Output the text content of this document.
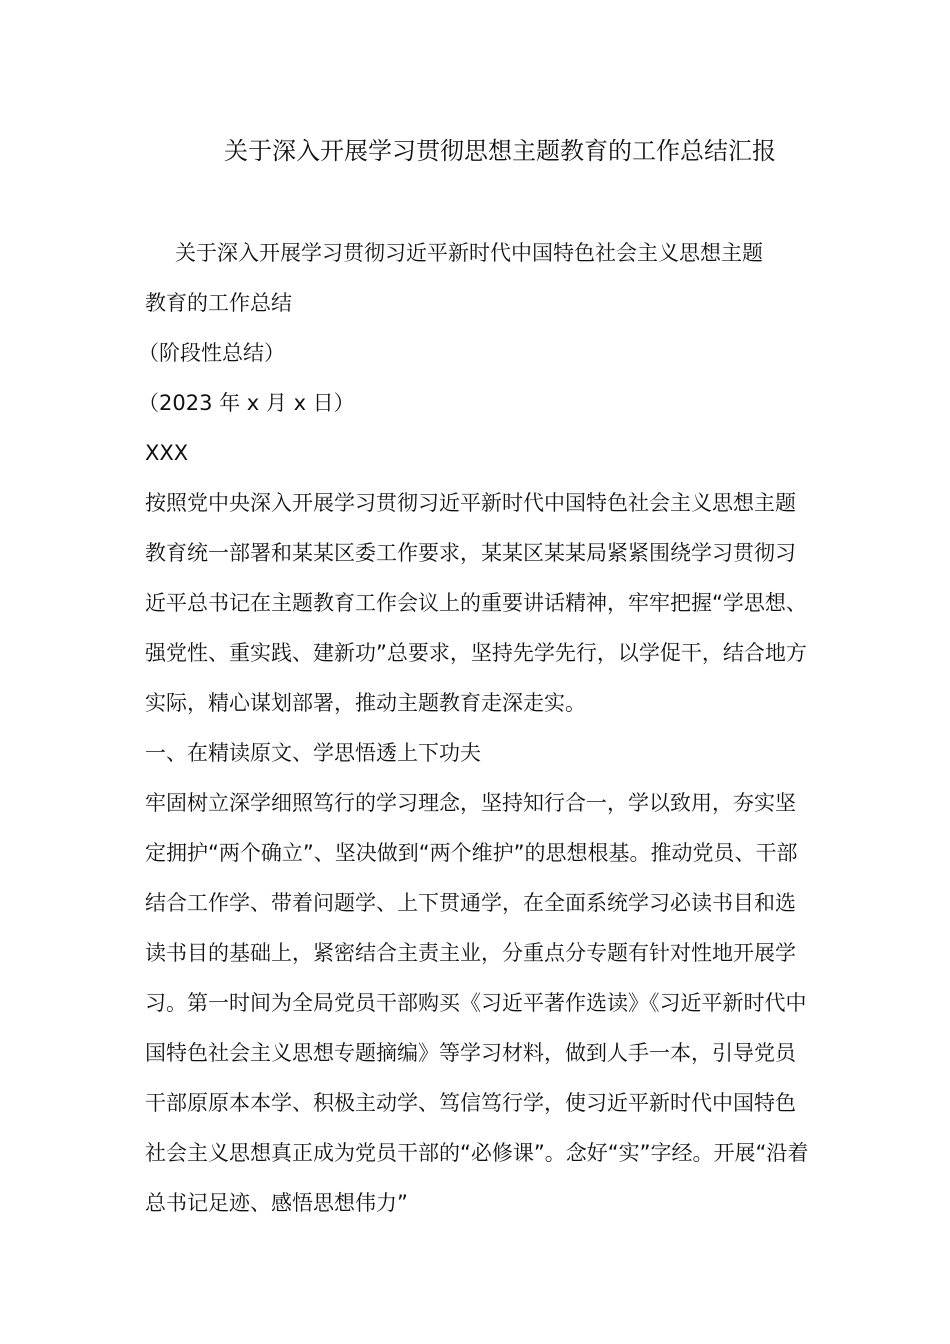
关于深入开展学习贯彻思想主题教育的工作总结汇报

关于深入开展学习贯彻习近平新时代中国特色社会主义思想主题

教育的工作总结

（阶段性总结）

（2023 年 x 月 x 日）

XXX

按照党中央深入开展学习贯彻习近平新时代中国特色社会主义思想主题教育统一部署和某某区委工作要求，某某区某某局紧紧围绕学习贯彻习近平总书记在主题教育工作会议上的重要讲话精神，牢牢把握“学思想、强党性、重实践、建新功”总要求，坚持先学先行，以学促干，结合地方实际，精心谋划部署，推动主题教育走深走实。

一、在精读原文、学思悟透上下功夫

牢固树立深学细照笃行的学习理念，坚持知行合一，学以致用，夯实坚定拥护“两个确立”、坚决做到“两个维护”的思想根基。推动党员、干部结合工作学、带着问题学、上下贯通学，在全面系统学习必读书目和选读书目的基础上，紧密结合主责主业，分重点分专题有针对性地开展学习。第一时间为全局党员干部购买《习近平著作选读》《习近平新时代中国特色社会主义思想专题摘编》等学习材料，做到人手一本，引导党员干部原原本本学、积极主动学、笃信笃行学，使习近平新时代中国特色社会主义思想真正成为党员干部的“必修课”。念好“实”字经。开展“沿着总书记足迹、感悟思想伟力”
